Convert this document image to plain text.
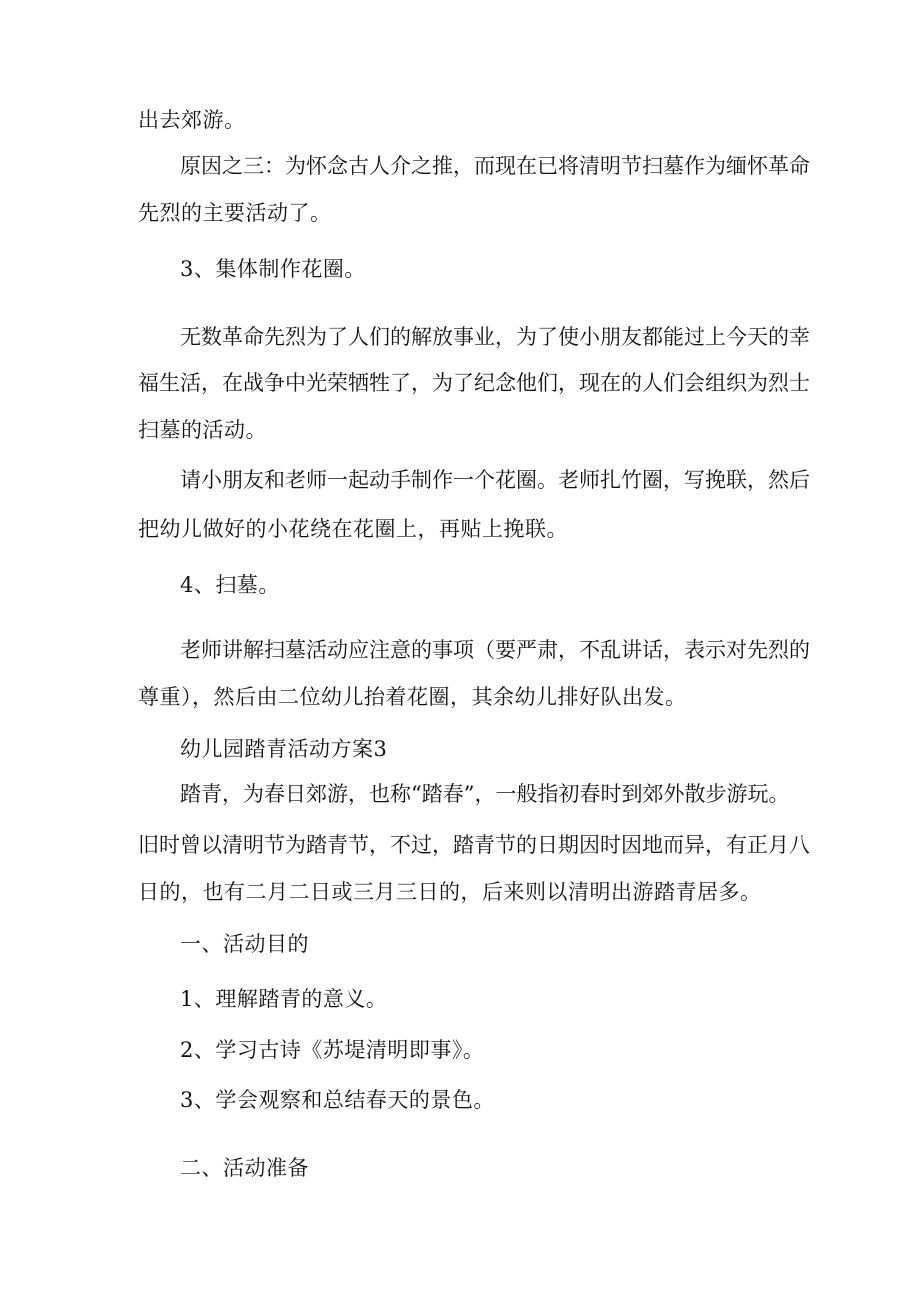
出去郊游。
原因之三：为怀念古人介之推，而现在已将清明节扫墓作为缅怀革命
先烈的主要活动了。
3、集体制作花圈。
无数革命先烈为了人们的解放事业，为了使小朋友都能过上今天的幸
福生活，在战争中光荣牺牲了，为了纪念他们，现在的人们会组织为烈士
扫墓的活动。
请小朋友和老师一起动手制作一个花圈。老师扎竹圈，写挽联，然后
把幼儿做好的小花绕在花圈上，再贴上挽联。
4、扫墓。
老师讲解扫墓活动应注意的事项（要严肃，不乱讲话，表示对先烈的
尊重），然后由二位幼儿抬着花圈，其余幼儿排好队出发。
幼儿园踏青活动方案3
踏青，为春日郊游，也称“踏春”，一般指初春时到郊外散步游玩。
旧时曾以清明节为踏青节，不过，踏青节的日期因时因地而异，有正月八
日的，也有二月二日或三月三日的，后来则以清明出游踏青居多。
一、活动目的
1、理解踏青的意义。
2、学习古诗《苏堤清明即事》。
3、学会观察和总结春天的景色。
二、活动准备
